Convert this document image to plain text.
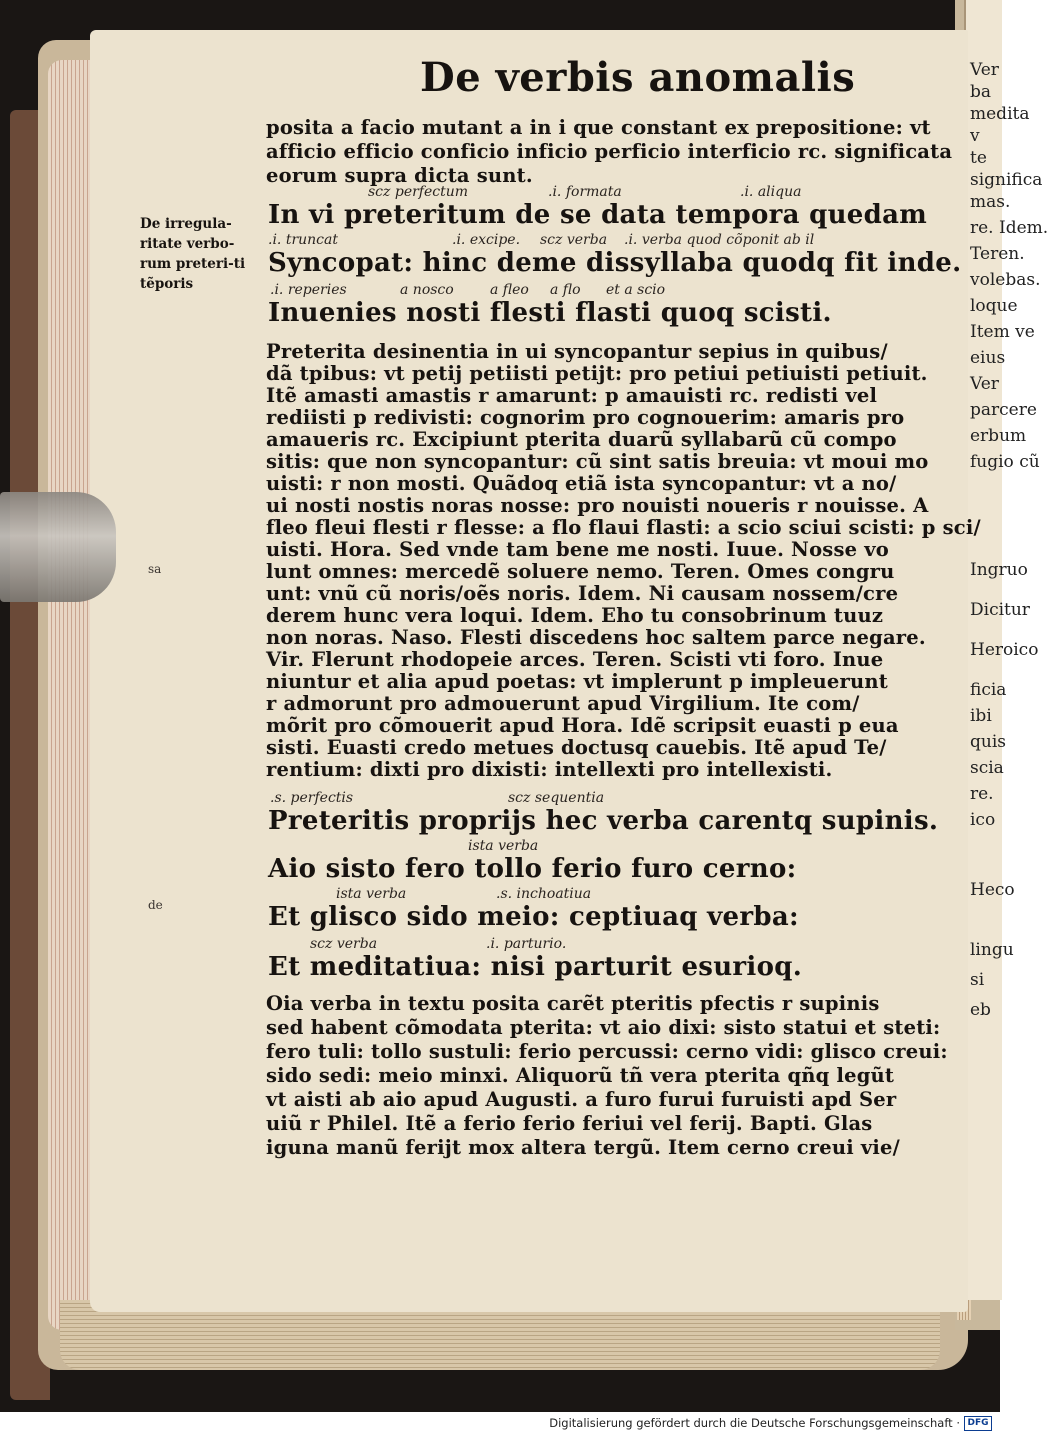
Ver
ba
medita
v
te
significa
mas.
re. Idem.
Teren.
volebas.
loque
Item ve
eius
Ver
parcere
erbum
fugio cũ
Ingruo
Dicitur
Heroico
ficia
ibi
quis
scia
re.
ico
Heco
lingu
si
eb
De verbis anomalis
De irregula-ritate verbo-rum preteri-ti tẽporis
sa
de
posita a facio mutant a in i que constant ex prepositione: vt
afficio efficio conficio inficio perficio interficio rc. significata
eorum supra dicta sunt.
scz perfectum	.i. formata	.i. aliqua
In vi preteritum de se data tempora quedam
.i. truncat	.i. excipe. scz verba .i. verba quod cõponit ab il
Syncopat: hinc deme dissyllaba quodq fit inde.
.i. reperies	a nosco	a fleo a flo et a scio
Inuenies nosti flesti flasti quoq scisti.
Preterita desinentia in ui syncopantur sepius in quibus/
dã tpibus: vt petij petiisti petijt: pro petiui petiuisti petiuit.
Itẽ amasti amastis r amarunt: p amauisti rc. redisti vel
rediisti p redivisti: cognorim pro cognouerim: amaris pro
amaueris rc. Excipiunt pterita duarũ syllabarũ cũ compo
sitis: que non syncopantur: cũ sint satis breuia: vt moui mo
uisti: r non mosti. Quãdoq etiã ista syncopantur: vt a no/
ui nosti nostis noras nosse: pro nouisti noueris r nouisse. A
fleo fleui flesti r flesse: a flo flaui flasti: a scio sciui scisti: p sci/
uisti. Hora. Sed vnde tam bene me nosti. Iuue. Nosse vo
lunt omnes: mercedẽ soluere nemo. Teren. Omes congru
unt: vnũ cũ noris/oẽs noris. Idem. Ni causam nossem/cre
derem hunc vera loqui. Idem. Eho tu consobrinum tuuz
non noras. Naso. Flesti discedens hoc saltem parce negare.
Vir. Flerunt rhodopeie arces. Teren. Scisti vti foro. Inue
niuntur et alia apud poetas: vt implerunt p impleuerunt
r admorunt pro admouerunt apud Virgilium. Ite com/
mõrit pro cõmouerit apud Hora. Idẽ scripsit euasti p eua
sisti. Euasti credo metues doctusq cauebis. Itẽ apud Te/
rentium: dixti pro dixisti: intellexti pro intellexisti.
.s. perfectis	scz sequentia
Preteritis proprijs hec verba carentq supinis.
ista verba
Aio sisto fero tollo ferio furo cerno:
ista verba	.s. inchoatiua
Et glisco sido meio: ceptiuaq verba:
scz verba	.i. parturio.
Et meditatiua: nisi parturit esurioq.
Oia verba in textu posita carẽt pteritis pfectis r supinis
sed habent cõmodata pterita: vt aio dixi: sisto statui et steti:
fero tuli: tollo sustuli: ferio percussi: cerno vidi: glisco creui:
sido sedi: meio minxi. Aliquorũ tñ vera pterita qñq legũt
vt aisti ab aio apud Augusti. a furo furui furuisti apd Ser
uiũ r Philel. Itẽ a ferio ferio feriui vel ferij. Bapti. Glas
iguna manũ ferijt mox altera tergũ. Item cerno creui vie/
Digitalisierung gefördert durch die Deutsche Forschungsgemeinschaft · DFG
